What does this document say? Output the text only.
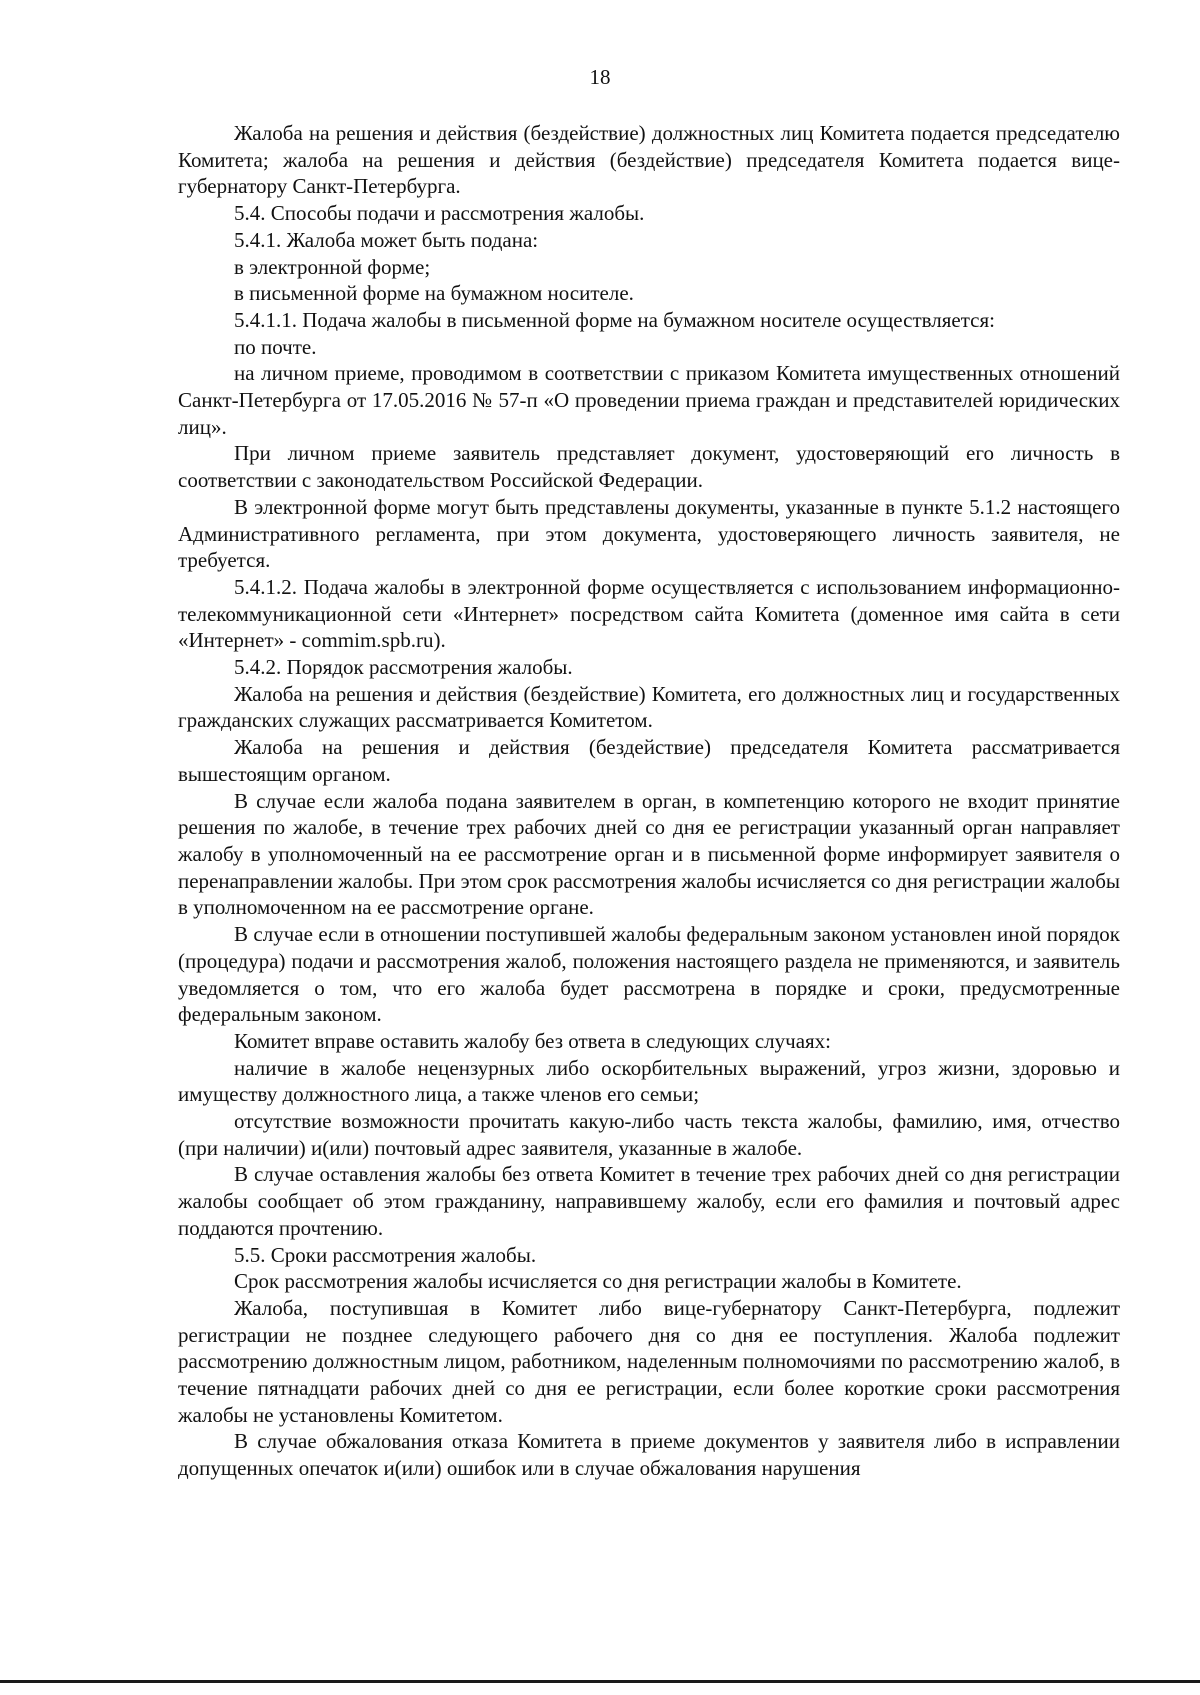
18

Жалоба на решения и действия (бездействие) должностных лиц Комитета подается председателю Комитета; жалоба на решения и действия (бездействие) председателя Комитета подается вице-губернатору Санкт-Петербурга.

5.4. Способы подачи и рассмотрения жалобы.

5.4.1. Жалоба может быть подана:

в электронной форме;

в письменной форме на бумажном носителе.

5.4.1.1. Подача жалобы в письменной форме на бумажном носителе осуществляется:

по почте.

на личном приеме, проводимом в соответствии с приказом Комитета имущественных отношений Санкт-Петербурга от 17.05.2016 № 57-п «О проведении приема граждан и представителей юридических лиц».

При личном приеме заявитель представляет документ, удостоверяющий его личность в соответствии с законодательством Российской Федерации.

В электронной форме могут быть представлены документы, указанные в пункте 5.1.2 настоящего Административного регламента, при этом документа, удостоверяющего личность заявителя, не требуется.

5.4.1.2. Подача жалобы в электронной форме осуществляется с использованием информационно-телекоммуникационной сети «Интернет» посредством сайта Комитета (доменное имя сайта в сети «Интернет» - commim.spb.ru).

5.4.2. Порядок рассмотрения жалобы.

Жалоба на решения и действия (бездействие) Комитета, его должностных лиц и государственных гражданских служащих рассматривается Комитетом.

Жалоба на решения и действия (бездействие) председателя Комитета рассматривается вышестоящим органом.

В случае если жалоба подана заявителем в орган, в компетенцию которого не входит принятие решения по жалобе, в течение трех рабочих дней со дня ее регистрации указанный орган направляет жалобу в уполномоченный на ее рассмотрение орган и в письменной форме информирует заявителя о перенаправлении жалобы. При этом срок рассмотрения жалобы исчисляется со дня регистрации жалобы в уполномоченном на ее рассмотрение органе.

В случае если в отношении поступившей жалобы федеральным законом установлен иной порядок (процедура) подачи и рассмотрения жалоб, положения настоящего раздела не применяются, и заявитель уведомляется о том, что его жалоба будет рассмотрена в порядке и сроки, предусмотренные федеральным законом.

Комитет вправе оставить жалобу без ответа в следующих случаях:

наличие в жалобе нецензурных либо оскорбительных выражений, угроз жизни, здоровью и имуществу должностного лица, а также членов его семьи;

отсутствие возможности прочитать какую-либо часть текста жалобы, фамилию, имя, отчество (при наличии) и(или) почтовый адрес заявителя, указанные в жалобе.

В случае оставления жалобы без ответа Комитет в течение трех рабочих дней со дня регистрации жалобы сообщает об этом гражданину, направившему жалобу, если его фамилия и почтовый адрес поддаются прочтению.

5.5. Сроки рассмотрения жалобы.

Срок рассмотрения жалобы исчисляется со дня регистрации жалобы в Комитете.

Жалоба, поступившая в Комитет либо вице-губернатору Санкт-Петербурга, подлежит регистрации не позднее следующего рабочего дня со дня ее поступления. Жалоба подлежит рассмотрению должностным лицом, работником, наделенным полномочиями по рассмотрению жалоб, в течение пятнадцати рабочих дней со дня ее регистрации, если более короткие сроки рассмотрения жалобы не установлены Комитетом.

В случае обжалования отказа Комитета в приеме документов у заявителя либо в исправлении допущенных опечаток и(или) ошибок или в случае обжалования нарушения
